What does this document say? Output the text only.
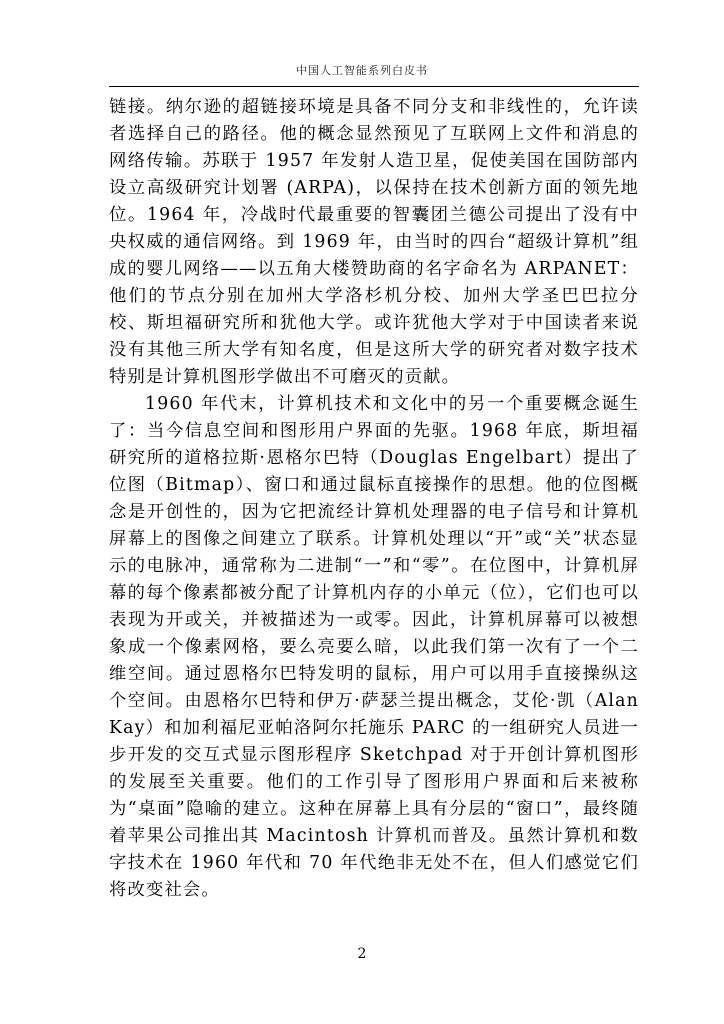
中国人工智能系列白皮书

链接。纳尔逊的超链接环境是具备不同分支和非线性的，允许读者选择自己的路径。他的概念显然预见了互联网上文件和消息的网络传输。苏联于 1957 年发射人造卫星，促使美国在国防部内设立高级研究计划署 (ARPA)，以保持在技术创新方面的领先地位。1964 年，冷战时代最重要的智囊团兰德公司提出了没有中央权威的通信网络。到 1969 年，由当时的四台“超级计算机”组成的婴儿网络——以五角大楼赞助商的名字命名为 ARPANET：他们的节点分别在加州大学洛杉机分校、加州大学圣巴巴拉分校、斯坦福研究所和犹他大学。或许犹他大学对于中国读者来说没有其他三所大学有知名度，但是这所大学的研究者对数字技术特别是计算机图形学做出不可磨灭的贡献。

1960 年代末，计算机技术和文化中的另一个重要概念诞生了：当今信息空间和图形用户界面的先驱。1968 年底，斯坦福研究所的道格拉斯·恩格尔巴特（Douglas Engelbart）提出了位图（Bitmap）、窗口和通过鼠标直接操作的思想。他的位图概念是开创性的，因为它把流经计算机处理器的电子信号和计算机屏幕上的图像之间建立了联系。计算机处理以“开”或“关”状态显示的电脉冲，通常称为二进制“一”和“零”。在位图中，计算机屏幕的每个像素都被分配了计算机内存的小单元（位），它们也可以表现为开或关，并被描述为一或零。因此，计算机屏幕可以被想象成一个像素网格，要么亮要么暗，以此我们第一次有了一个二维空间。通过恩格尔巴特发明的鼠标，用户可以用手直接操纵这个空间。由恩格尔巴特和伊万·萨瑟兰提出概念，艾伦·凯（Alan Kay）和加利福尼亚帕洛阿尔托施乐 PARC 的一组研究人员进一步开发的交互式显示图形程序 Sketchpad 对于开创计算机图形的发展至关重要。他们的工作引导了图形用户界面和后来被称为“桌面”隐喻的建立。这种在屏幕上具有分层的“窗口”，最终随着苹果公司推出其 Macintosh 计算机而普及。虽然计算机和数字技术在 1960 年代和 70 年代绝非无处不在，但人们感觉它们将改变社会。

2
